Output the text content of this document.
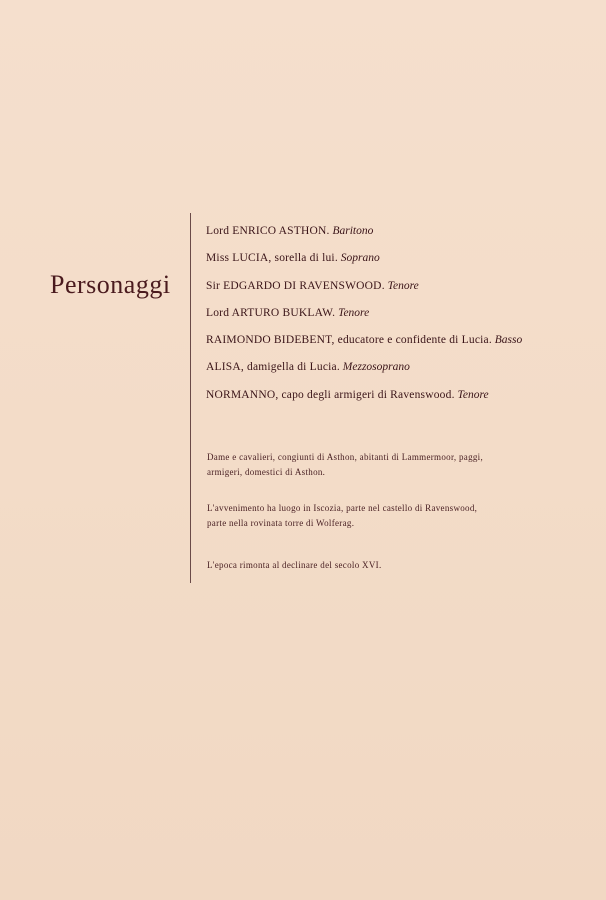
Personaggi
Lord ENRICO ASTHON. Baritono
Miss LUCIA, sorella di lui. Soprano
Sir EDGARDO DI RAVENSWOOD. Tenore
Lord ARTURO BUKLAW. Tenore
RAIMONDO BIDEBENT, educatore e confidente di Lucia. Basso
ALISA, damigella di Lucia. Mezzosoprano
NORMANNO, capo degli armigeri di Ravenswood. Tenore
Dame e cavalieri, congiunti di Asthon, abitanti di Lammermoor, paggi,
armigeri, domestici di Asthon.
L'avvenimento ha luogo in Iscozia, parte nel castello di Ravenswood,
parte nella rovinata torre di Wolferag.
L'epoca rimonta al declinare del secolo XVI.
